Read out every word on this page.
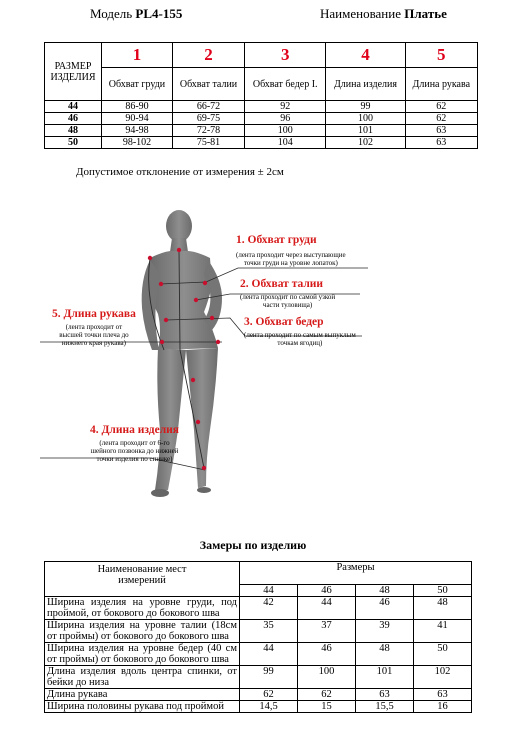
Модель PL4-155	Наименование Платье
РАЗМЕР ИЗДЕЛИЯ	1	2	3	4	5
	Обхват груди	Обхват талии	Обхват бедер I.	Длина изделия	Длина рукава
44	86-90	66-72	92	99	62
46	90-94	69-75	96	100	62
48	94-98	72-78	100	101	63
50	98-102	75-81	104	102	63
Допустимое отклонение от измерения ± 2см
1. Обхват груди
(лента проходит через выступающие
точки груди на уровне лопаток)
2. Обхват талии
(лента проходит по самой узкой
части туловища)
3. Обхват бедер
(лента проходит по самым выпуклым
точкам ягодиц)
5. Длина рукава
(лента проходит от
высшей точки плеча до
нижнего края рукава)
4. Длина изделия
(лента проходит от 6-го
шейного позвонка до нижней
точки изделия по спинке)
Замеры по изделию
Наименование мест измерений	Размеры			
	44	46	48	50
Ширина изделия на уровне груди, под проймой, от бокового до бокового шва	42	44	46	48
Ширина изделия на уровне талии (18см от проймы) от бокового до бокового шва	35	37	39	41
Ширина изделия на уровне бедер (40 см от проймы) от бокового до бокового шва	44	46	48	50
Длина изделия вдоль центра спинки, от бейки до низа	99	100	101	102
Длина рукава	62	62	63	63
Ширина половины рукава под проймой	14,5	15	15,5	16
